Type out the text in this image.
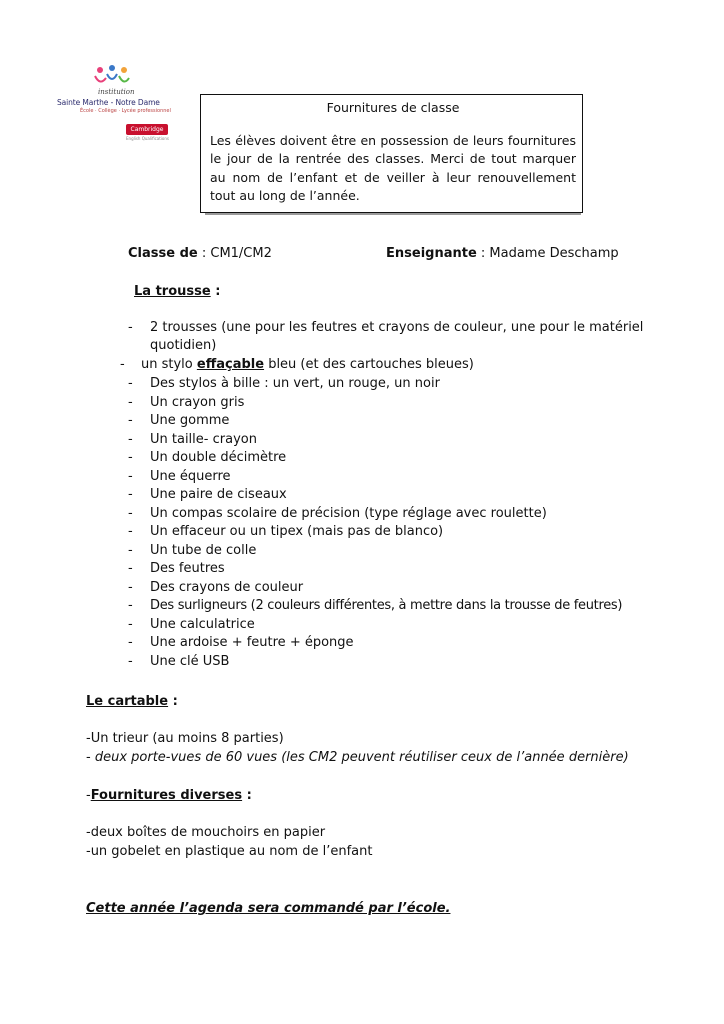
institution
Sainte Marthe - Notre Dame
École · Collège · Lycée professionnel
Cambridge
English Qualifications
Fournitures de classe
Les élèves doivent être en possession de leurs fournitures le jour de la rentrée des classes. Merci de tout marquer au nom de l’enfant et de veiller à leur renouvellement tout au long de l’année.
Classe de : CM1/CM2	Enseignante : Madame Deschamp
La trousse :
- 2 trousses (une pour les feutres et crayons de couleur, une pour le matériel
quotidien)
- un stylo effaçable bleu (et des cartouches bleues)
- Des stylos à bille : un vert, un rouge, un noir
- Un crayon gris
- Une gomme
- Un taille- crayon
- Un double décimètre
- Une équerre
- Une paire de ciseaux
- Un compas scolaire de précision (type réglage avec roulette)
- Un effaceur ou un tipex (mais pas de blanco)
- Un tube de colle
- Des feutres
- Des crayons de couleur
- Des surligneurs (2 couleurs différentes, à mettre dans la trousse de feutres)
- Une calculatrice
- Une ardoise + feutre + éponge
- Une clé USB
Le cartable :
-Un trieur (au moins 8 parties)
- deux porte-vues de 60 vues (les CM2 peuvent réutiliser ceux de l’année dernière)
-Fournitures diverses :
-deux boîtes de mouchoirs en papier
-un gobelet en plastique au nom de l’enfant
Cette année l’agenda sera commandé par l’école.
